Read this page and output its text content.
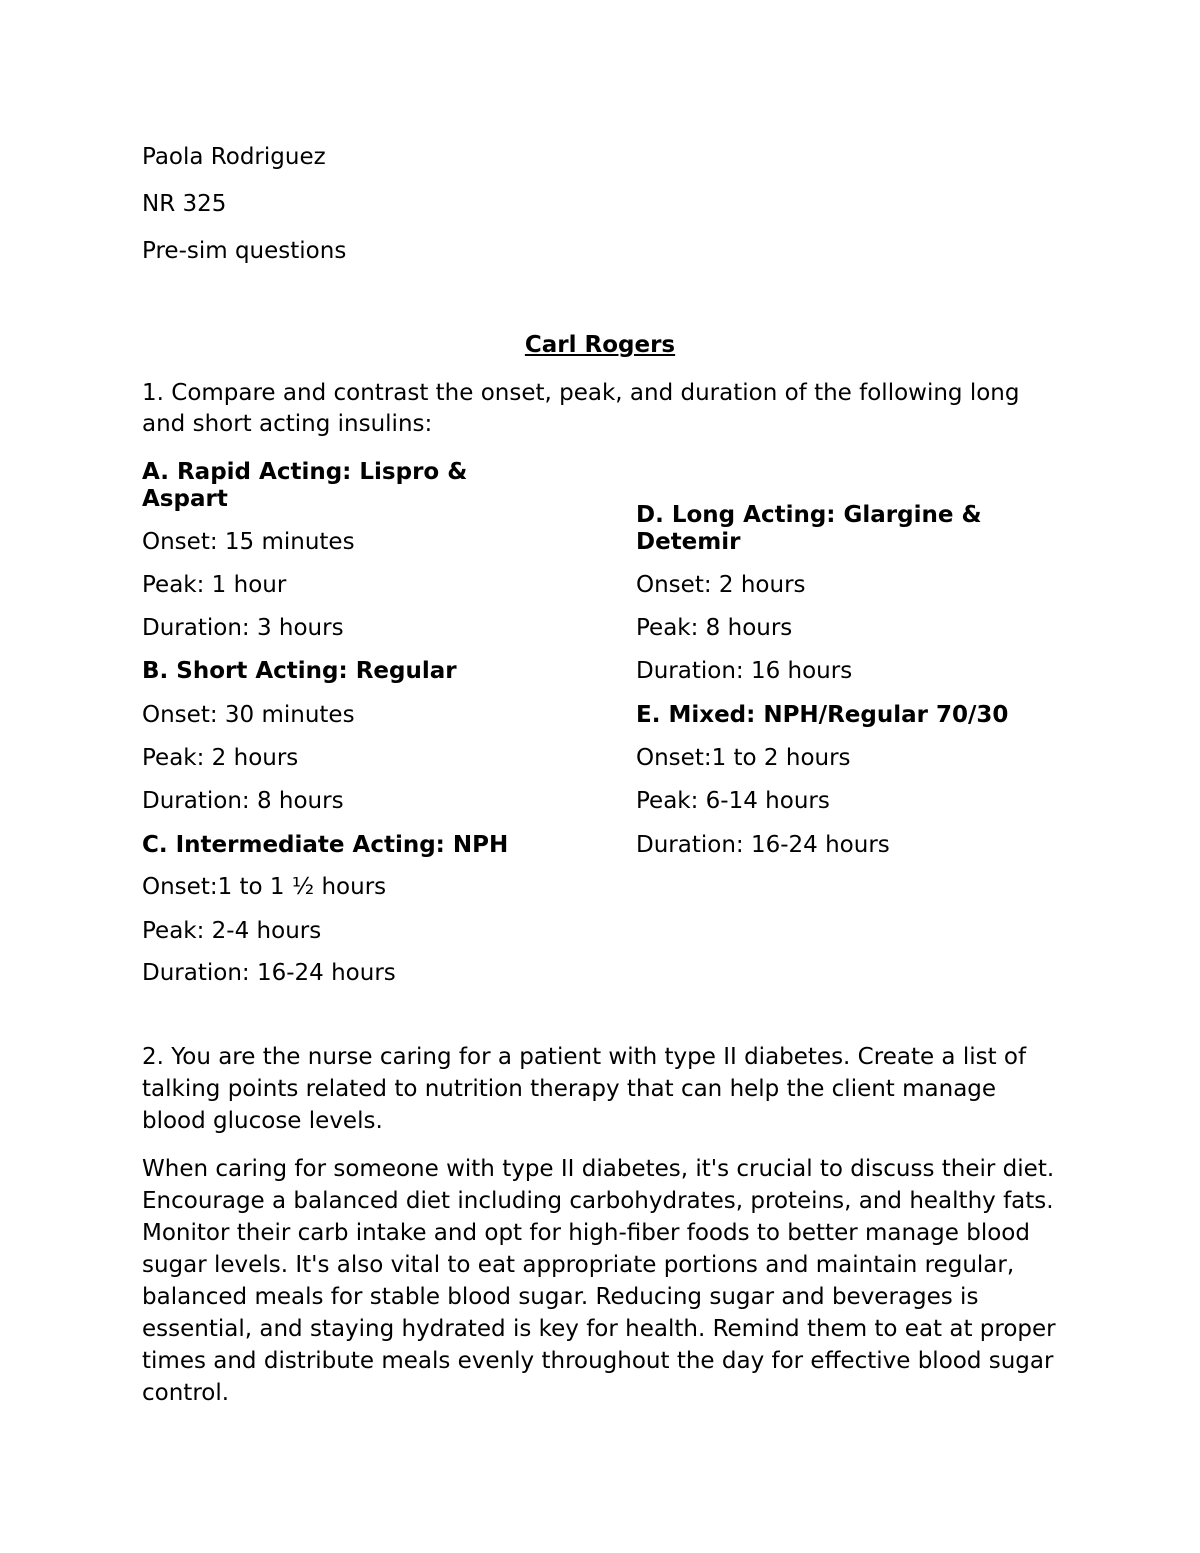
Paola Rodriguez
NR 325
Pre-sim questions
Carl Rogers
1. Compare and contrast the onset, peak, and duration of the following long
and short acting insulins:
A. Rapid Acting: Lispro &
Aspart
Onset: 15 minutes
Peak: 1 hour
Duration: 3 hours
B. Short Acting: Regular
Onset: 30 minutes
Peak: 2 hours
Duration: 8 hours
C. Intermediate Acting: NPH
Onset:1 to 1 ½ hours
Peak: 2-4 hours
Duration: 16-24 hours
D. Long Acting: Glargine &
Detemir
Onset: 2 hours
Peak: 8 hours
Duration: 16 hours
E. Mixed: NPH/Regular 70/30
Onset:1 to 2 hours
Peak: 6-14 hours
Duration: 16-24 hours

2. You are the nurse caring for a patient with type II diabetes. Create a list of talking points related to nutrition therapy that can help the client manage blood glucose levels.

When caring for someone with type II diabetes, it's crucial to discuss their diet. Encourage a balanced diet including carbohydrates, proteins, and healthy fats. Monitor their carb intake and opt for high-fiber foods to better manage blood sugar levels. It's also vital to eat appropriate portions and maintain regular, balanced meals for stable blood sugar. Reducing sugar and beverages is essential, and staying hydrated is key for health. Remind them to eat at proper times and distribute meals evenly throughout the day for effective blood sugar control.
